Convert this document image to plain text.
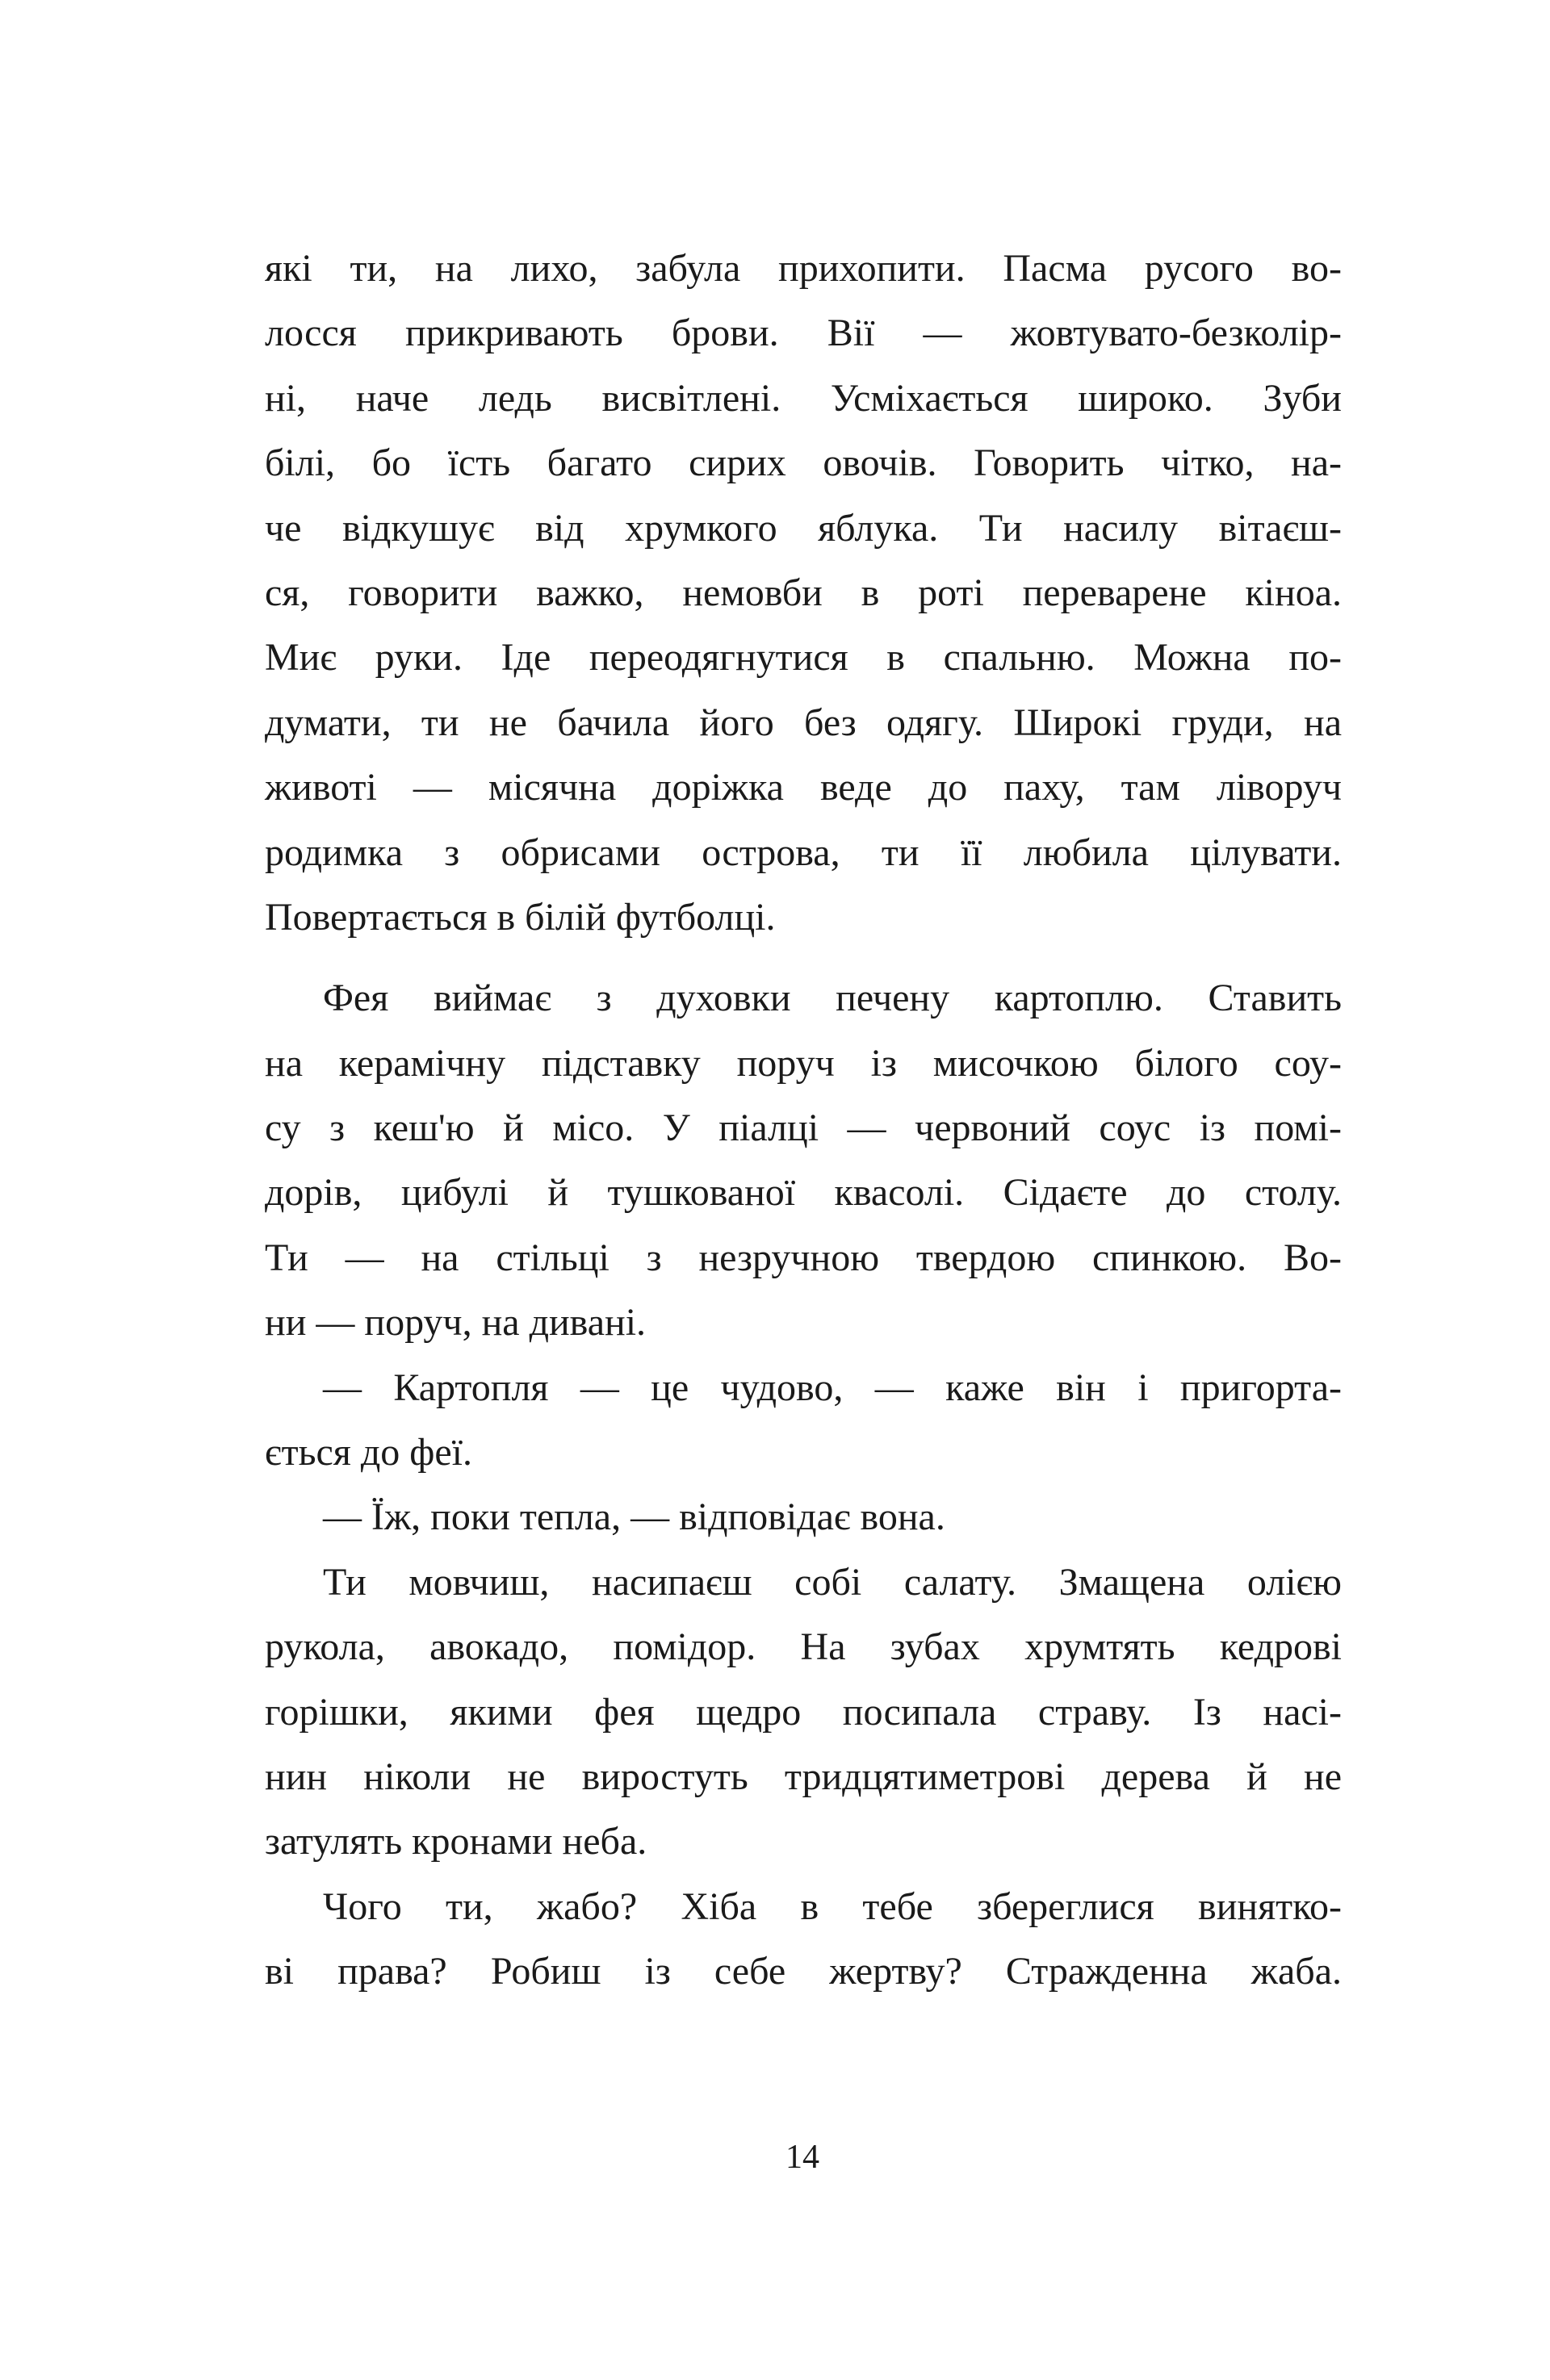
які ти, на лихо, забула прихопити. Пасма русого во-
лосся прикривають брови. Вії — жовтувато-безколір-
ні, наче ледь висвітлені. Усміхається широко. Зуби
білі, бо їсть багато сирих овочів. Говорить чітко, на-
че відкушує від хрумкого яблука. Ти насилу вітаєш-
ся, говорити важко, немовби в роті переварене кіноа.
Миє руки. Іде переодягнутися в спальню. Можна по-
думати, ти не бачила його без одягу. Широкі груди, на
животі — місячна доріжка веде до паху, там ліворуч
родимка з обрисами острова, ти її любила цілувати.
Повертається в білій футболці.
Фея виймає з духовки печену картоплю. Ставить
на керамічну підставку поруч із мисочкою білого соу-
су з кеш'ю й місо. У піалці — червоний соус із помі-
дорів, цибулі й тушкованої квасолі. Сідаєте до столу.
Ти — на стільці з незручною твердою спинкою. Во-
ни — поруч, на дивані.
— Картопля — це чудово, — каже він і пригорта-
ється до феї.
— Їж, поки тепла, — відповідає вона.
Ти мовчиш, насипаєш собі салату. Змащена олією
рукола, авокадо, помідор. На зубах хрумтять кедрові
горішки, якими фея щедро посипала страву. Із насі-
нин ніколи не виростуть тридцятиметрові дерева й не
затулять кронами неба.
Чого ти, жабо? Хіба в тебе збереглися винятко-
ві права? Робиш із себе жертву? Стражденна жаба.
14
